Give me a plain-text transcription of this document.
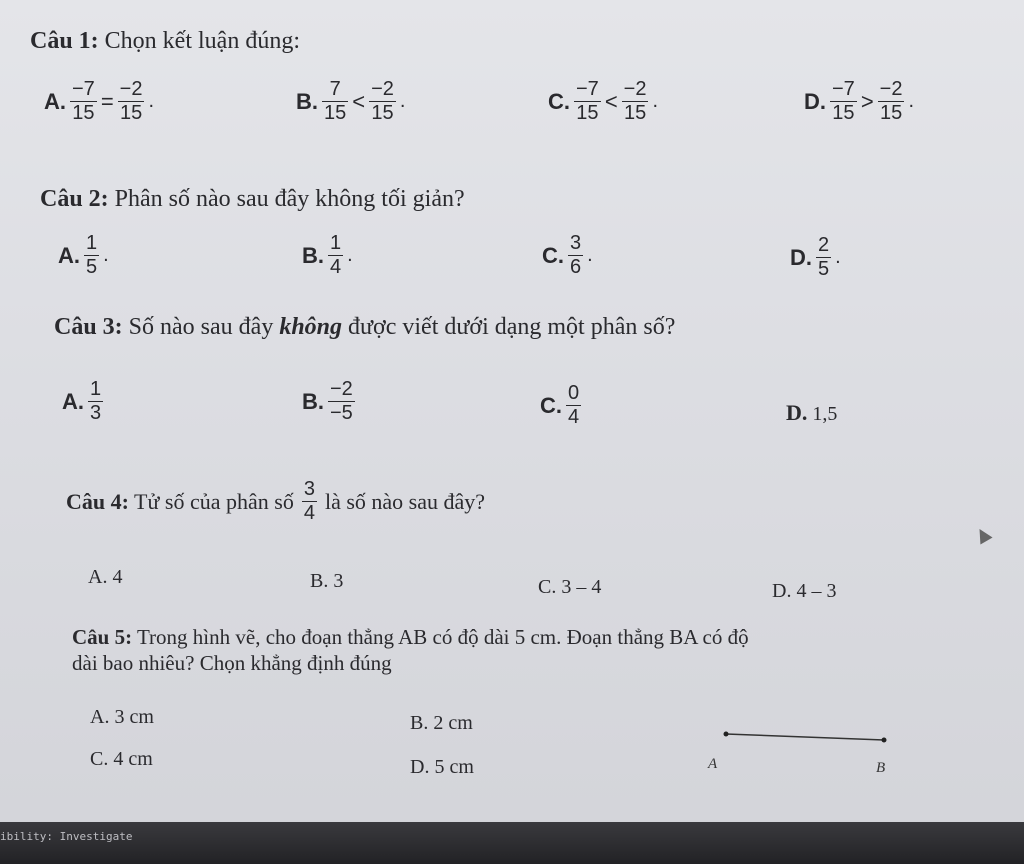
Câu 1: Chọn kết luận đúng:
A. $\frac{-7}{15} = \frac{-2}{15}$ .	B. $\frac{7}{15} < \frac{-2}{15}$ .	C. $\frac{-7}{15} < \frac{-2}{15}$ .	D. $\frac{-7}{15} > \frac{-2}{15}$ .
Câu 2: Phân số nào sau đây không tối giản?
A. $\frac{1}{5}$ .	B. $\frac{1}{4}$ .	C. $\frac{3}{6}$ .	D. $\frac{2}{5}$ .
Câu 3: Số nào sau đây không được viết dưới dạng một phân số?
A. $\frac{1}{3}$	B. $\frac{-2}{-5}$	C. $\frac{0}{4}$	D. 1,5
Câu 4: Tử số của phân số $\frac{3}{4}$ là số nào sau đây?
A. 4	B. 3	C. 3 – 4	D. 4 – 3
Câu 5: Trong hình vẽ, cho đoạn thẳng AB có độ dài 5 cm. Đoạn thẳng BA có độ
dài bao nhiêu? Chọn khẳng định đúng
A. 3 cm	B. 2 cm
C. 4 cm	D. 5 cm	A	B
ibility: Investigate
